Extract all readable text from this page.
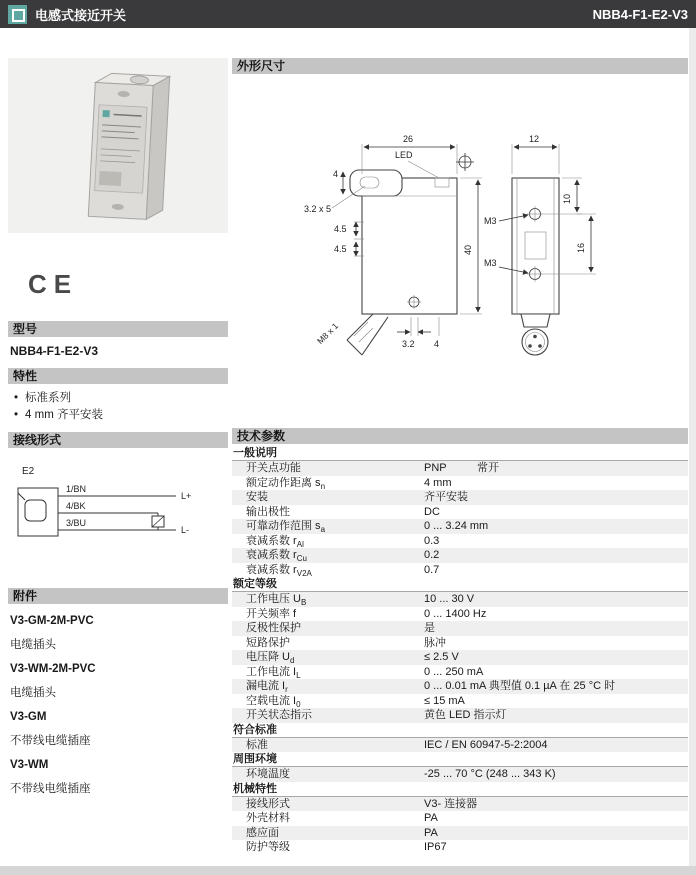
电感式接近开关	NBB4-F1-E2-V3
CE
型号
NBB4-F1-E2-V3
特性
• 标准系列
• 4 mm 齐平安装
接线形式
E2
1/BN
4/BK
3/BU
L+
L-
附件
V3-GM-2M-PVC
电缆插头
V3-WM-2M-PVC
电缆插头
V3-GM
不带线电缆插座
V3-WM
不带线电缆插座
外形尺寸
26
4
LED
3.2 x 5
4.5
4.5	40
3.2 4
M8 x 1
12
M3
M3
10
16
技术参数
一般说明
开关点功能	PNP          常开
额定动作距离 $s_n$	4 mm
安装	齐平安装
输出极性	DC
可靠动作范围 $s_a$	0 ... 3.24 mm
衰减系数 $r_{Al}$	0.3
衰减系数 $r_{Cu}$	0.2
衰减系数 $r_{V2A}$	0.7
额定等级
工作电压 $U_B$	10 ... 30 V
开关频率 f	0 ... 1400 Hz
反极性保护	是
短路保护	脉冲
电压降 $U_d$	≤ 2.5 V
工作电流 $I_L$	0 ... 250 mA
漏电流 $I_r$	0 ... 0.01 mA 典型值 0.1 µA 在 25 °C 时
空载电流 $I_0$	≤ 15 mA
开关状态指示	黄色 LED 指示灯
符合标准
标准	IEC / EN 60947-5-2:2004
周围环境
环境温度	-25 ... 70 °C (248 ... 343 K)
机械特性
接线形式	V3- 连接器
外壳材料	PA
感应面	PA
防护等级	IP67
